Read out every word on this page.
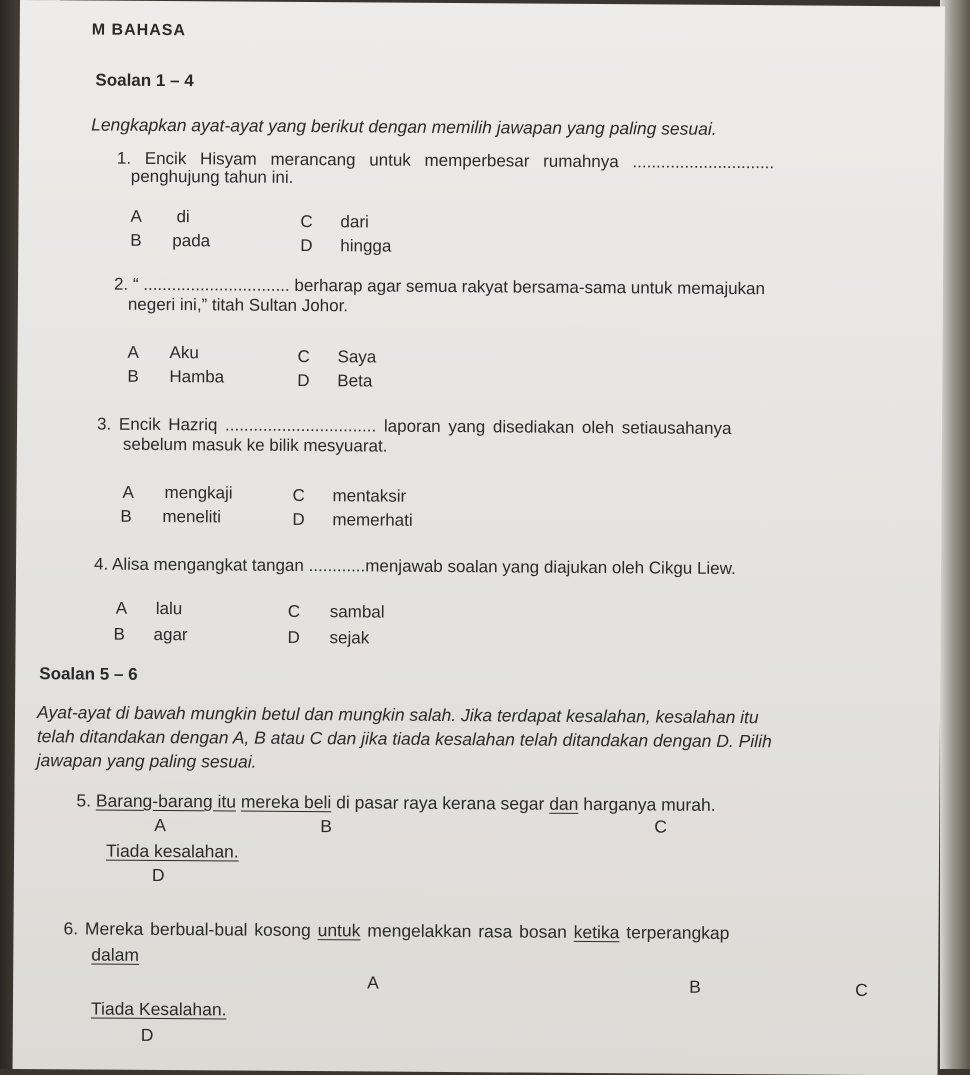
M BAHASA
Soalan 1 – 4
Lengkapkan ayat-ayat yang berikut dengan memilih jawapan yang paling sesuai.
1. Encik Hisyam merancang untuk memperbesar rumahnya ..............................
penghujung tahun ini.
A di	C dari
B pada	D hingga
2. “ ............................... berharap agar semua rakyat bersama-sama untuk memajukan
negeri ini,” titah Sultan Johor.
A Aku	C Saya
B Hamba	D Beta
3. Encik Hazriq ................................ laporan yang disediakan oleh setiausahanya
sebelum masuk ke bilik mesyuarat.
A mengkaji	C mentaksir
B meneliti	D memerhati
4. Alisa mengangkat tangan ............menjawab soalan yang diajukan oleh Cikgu Liew.
A lalu	C sambal
B agar	D sejak
Soalan 5 – 6
Ayat-ayat di bawah mungkin betul dan mungkin salah. Jika terdapat kesalahan, kesalahan itu
telah ditandakan dengan A, B atau C dan jika tiada kesalahan telah ditandakan dengan D. Pilih
jawapan yang paling sesuai.
5. Barang-barang itu mereka beli di pasar raya kerana segar dan harganya murah.
A	B	C
Tiada kesalahan.
D
6. Mereka berbual-bual kosong untuk mengelakkan rasa bosan ketika terperangkap
dalam
A	B	C
Tiada Kesalahan.
D
